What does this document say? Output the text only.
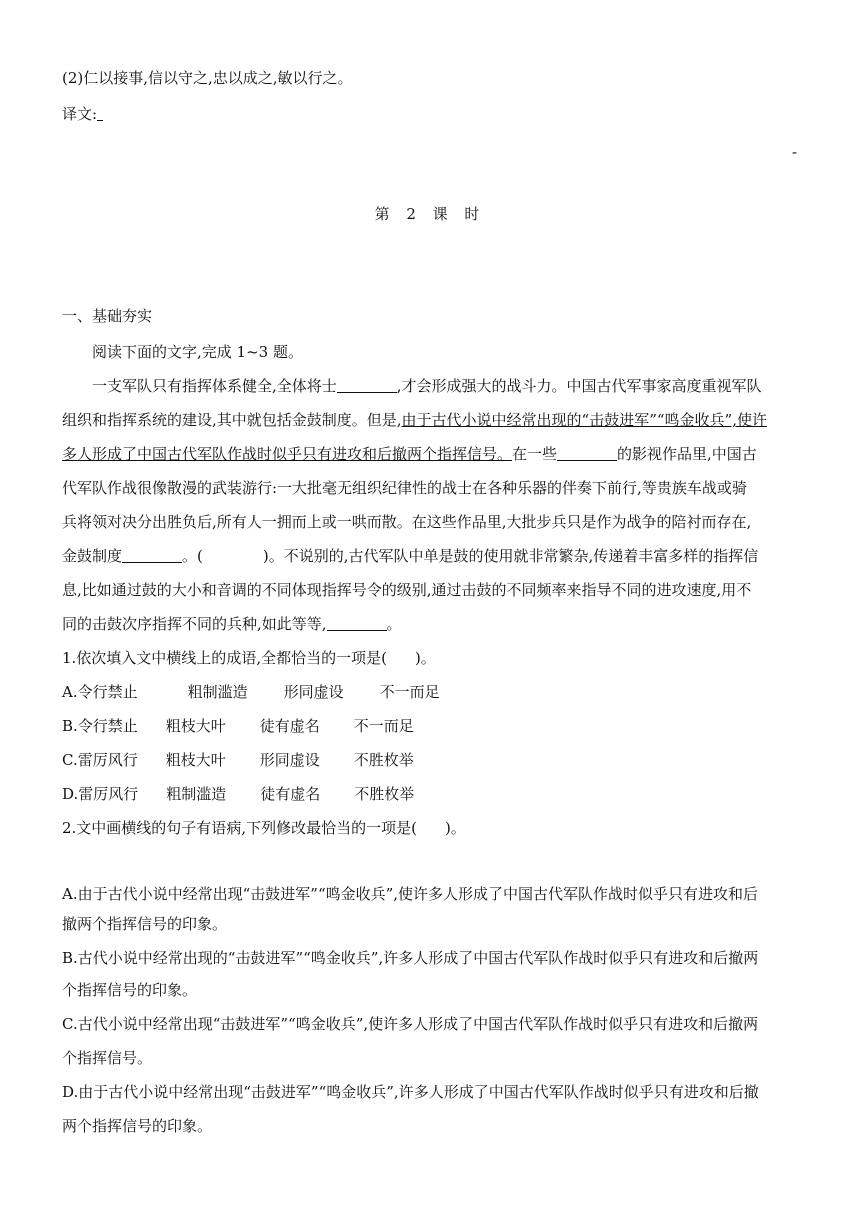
(2)仁以接事,信以守之,忠以成之,敏以行之。
译文:
-
第 2 课 时
一、基础夯实
阅读下面的文字,完成 1~3 题。
一支军队只有指挥体系健全,全体将士	,才会形成强大的战斗力。中国古代军事家高度重视军队
组织和指挥系统的建设,其中就包括金鼓制度。但是,由于古代小说中经常出现的“击鼓进军”“鸣金收兵”,使许
多人形成了中国古代军队作战时似乎只有进攻和后撤两个指挥信号。在一些	的影视作品里,中国古
代军队作战很像散漫的武装游行:一大批毫无组织纪律性的战士在各种乐器的伴奏下前行,等贵族车战或骑
兵将领对决分出胜负后,所有人一拥而上或一哄而散。在这些作品里,大批步兵只是作为战争的陪衬而存在,
金鼓制度	。(	)。不说别的,古代军队中单是鼓的使用就非常繁杂,传递着丰富多样的指挥信
息,比如通过鼓的大小和音调的不同体现指挥号令的级别,通过击鼓的不同频率来指导不同的进攻速度,用不
同的击鼓次序指挥不同的兵种,如此等等,	。
1.依次填入文中横线上的成语,全都恰当的一项是( )。
A.令行禁止	粗制滥造 形同虚设 不一而足
B.令行禁止 粗枝大叶 徒有虚名 不一而足
C.雷厉风行 粗枝大叶 形同虚设 不胜枚举
D.雷厉风行 粗制滥造 徒有虚名 不胜枚举
2.文中画横线的句子有语病,下列修改最恰当的一项是( )。
A.由于古代小说中经常出现“击鼓进军”“鸣金收兵”,使许多人形成了中国古代军队作战时似乎只有进攻和后
撤两个指挥信号的印象。
B.古代小说中经常出现的“击鼓进军”“鸣金收兵”,许多人形成了中国古代军队作战时似乎只有进攻和后撤两
个指挥信号的印象。
C.古代小说中经常出现“击鼓进军”“鸣金收兵”,使许多人形成了中国古代军队作战时似乎只有进攻和后撤两
个指挥信号。
D.由于古代小说中经常出现“击鼓进军”“鸣金收兵”,许多人形成了中国古代军队作战时似乎只有进攻和后撤
两个指挥信号的印象。
